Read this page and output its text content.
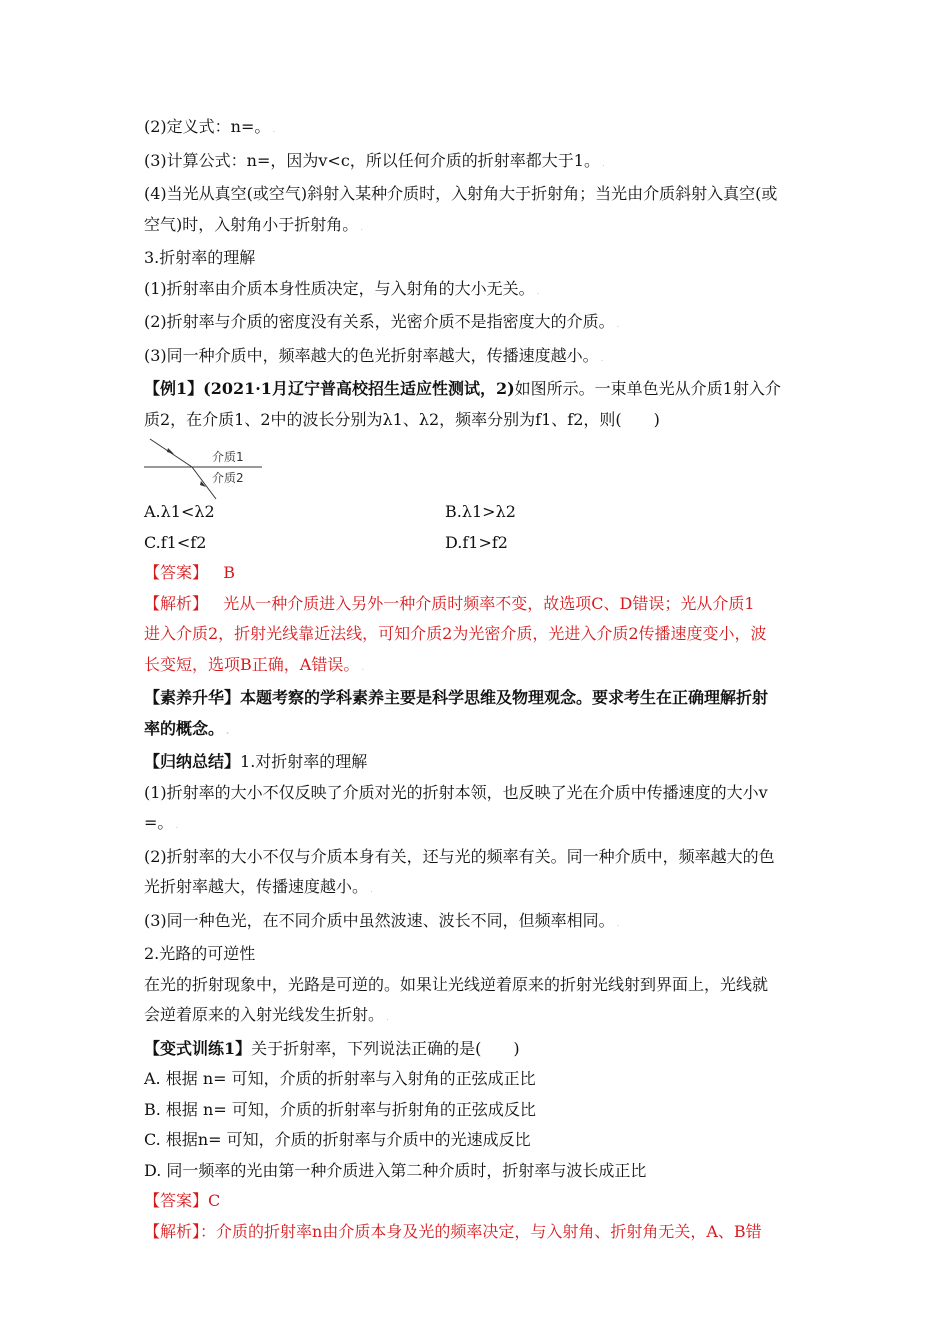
(2)定义式：n=。 .
(3)计算公式：n=，因为v<c，所以任何介质的折射率都大于1。 .
(4)当光从真空(或空气)斜射入某种介质时，入射角大于折射角；当光由介质斜射入真空(或
空气)时，入射角小于折射角。 .
3.折射率的理解
(1)折射率由介质本身性质决定，与入射角的大小无关。 .
(2)折射率与介质的密度没有关系，光密介质不是指密度大的介质。 .
(3)同一种介质中，频率越大的色光折射率越大，传播速度越小。 .
【例1】(2021·1月辽宁普高校招生适应性测试，2)如图所示。一束单色光从介质1射入介
质2，在介质1、2中的波长分别为λ1、λ2，频率分别为f1、f2，则(　　)
介质1
介质2
A.λ1<λ2	B.λ1>λ2
C.f1<f2	D.f1>f2
【答案】 B
【解析】 光从一种介质进入另外一种介质时频率不变，故选项C、D错误；光从介质1
进入介质2，折射光线靠近法线，可知介质2为光密介质，光进入介质2传播速度变小，波
长变短，选项B正确，A错误。 .
【素养升华】本题考察的学科素养主要是科学思维及物理观念。要求考生在正确理解折射
率的概念。 .
【归纳总结】1.对折射率的理解
(1)折射率的大小不仅反映了介质对光的折射本领，也反映了光在介质中传播速度的大小v
=。 .
(2)折射率的大小不仅与介质本身有关，还与光的频率有关。同一种介质中，频率越大的色
光折射率越大，传播速度越小。 .
(3)同一种色光，在不同介质中虽然波速、波长不同，但频率相同。 .
2.光路的可逆性
在光的折射现象中，光路是可逆的。如果让光线逆着原来的折射光线射到界面上，光线就
会逆着原来的入射光线发生折射。 .
【变式训练1】关于折射率，下列说法正确的是(　　)
A. 根据 n= 可知，介质的折射率与入射角的正弦成正比
B. 根据 n= 可知，介质的折射率与折射角的正弦成反比
C. 根据n= 可知，介质的折射率与介质中的光速成反比
D. 同一频率的光由第一种介质进入第二种介质时，折射率与波长成正比
【答案】C
【解析】：介质的折射率n由介质本身及光的频率决定，与入射角、折射角无关，A、B错
